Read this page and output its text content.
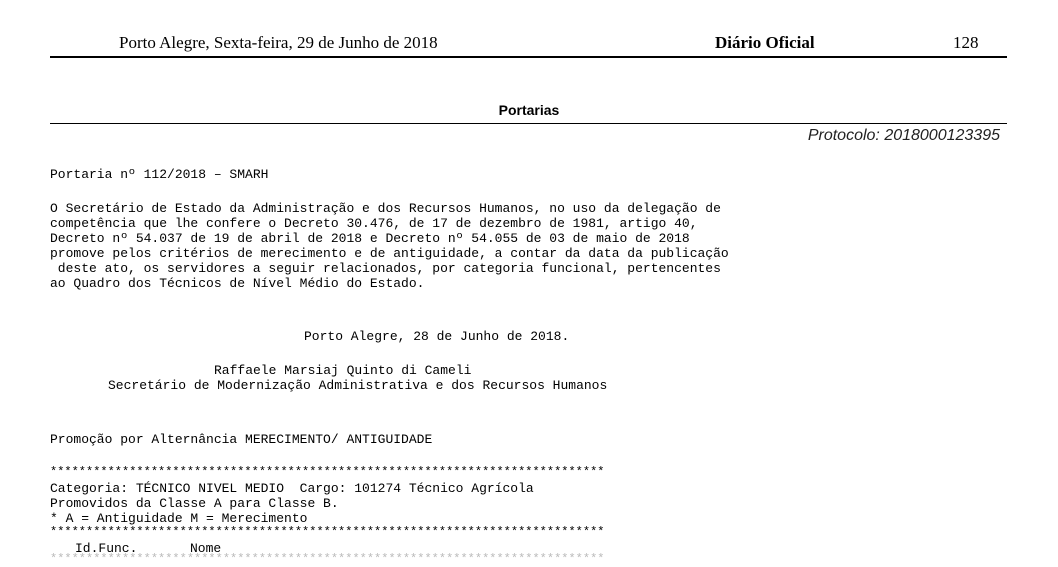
Porto Alegre, Sexta-feira, 29 de Junho de 2018	Diário Oficial	128
Portarias
Protocolo: 2018000123395
Portaria nº 112/2018 – SMARH
O Secretário de Estado da Administração e dos Recursos Humanos, no uso da delegação de
competência que lhe confere o Decreto 30.476, de 17 de dezembro de 1981, artigo 40,
Decreto nº 54.037 de 19 de abril de 2018 e Decreto nº 54.055 de 03 de maio de 2018
promove pelos critérios de merecimento e de antiguidade, a contar da data da publicação
deste ato, os servidores a seguir relacionados, por categoria funcional, pertencentes
ao Quadro dos Técnicos de Nível Médio do Estado.
Porto Alegre, 28 de Junho de 2018.
Raffaele Marsiaj Quinto di Cameli
Secretário de Modernização Administrativa e dos Recursos Humanos
Promoção por Alternância MERECIMENTO/ ANTIGUIDADE
*****************************************************************************
Categoria: TÉCNICO NIVEL MEDIO  Cargo: 101274 Técnico Agrícola
Promovidos da Classe A para Classe B.
* A = Antiguidade M = Merecimento
*****************************************************************************
Id.Func.	Nome
*****************************************************************************
